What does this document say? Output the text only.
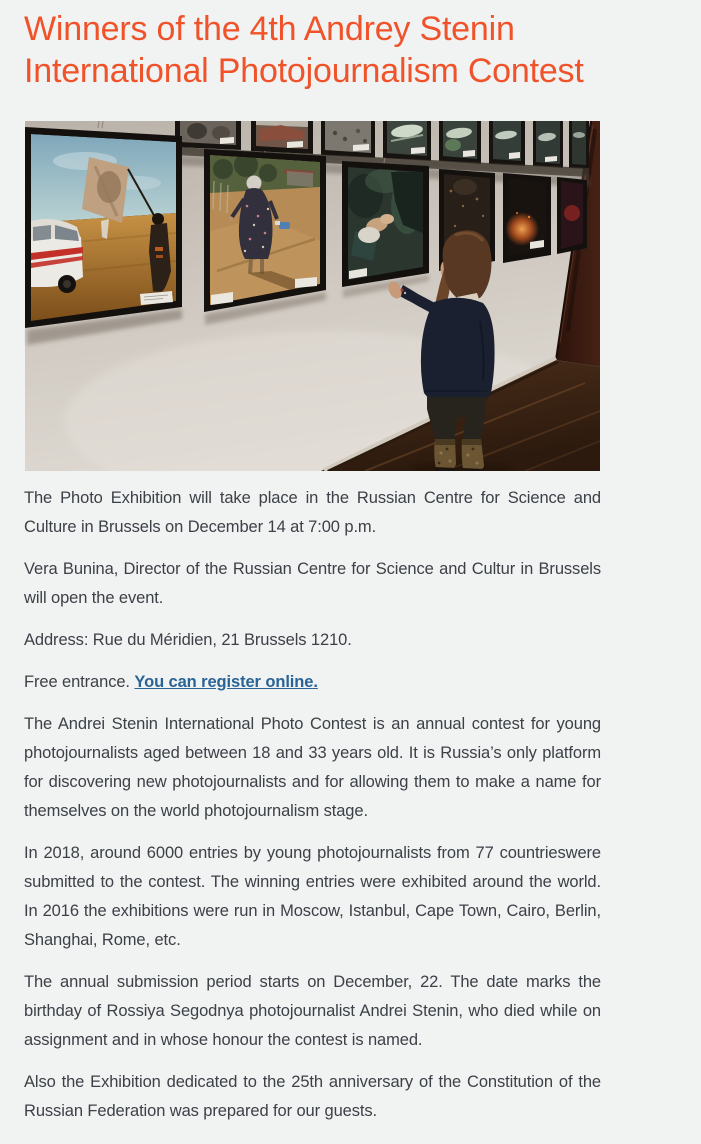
Winners of the 4th Andrey Stenin International Photojournalism Contest

The Photo Exhibition will take place in the Russian Centre for Science and Culture in Brussels on December 14 at 7:00 p.m.

Vera Bunina, Director of the Russian Centre for Science and Cultur in Brussels will open the event.

Address: Rue du Méridien, 21 Brussels 1210.

Free entrance. You can register online.

The Andrei Stenin International Photo Contest is an annual contest for young photojournalists aged between 18 and 33 years old. It is Russia’s only platform for discovering new photojournalists and for allowing them to make a name for themselves on the world photojournalism stage.

In 2018, around 6000 entries by young photojournalists from 77 countrieswere submitted to the contest. The winning entries were exhibited around the world. In 2016 the exhibitions were run in Moscow, Istanbul, Cape Town, Cairo, Berlin, Shanghai, Rome, etc.

The annual submission period starts on December, 22. The date marks the birthday of Rossiya Segodnya photojournalist Andrei Stenin, who died while on assignment and in whose honour the contest is named.

Also the Exhibition dedicated to the 25th anniversary of the Constitution of the Russian Federation was prepared for our guests.
